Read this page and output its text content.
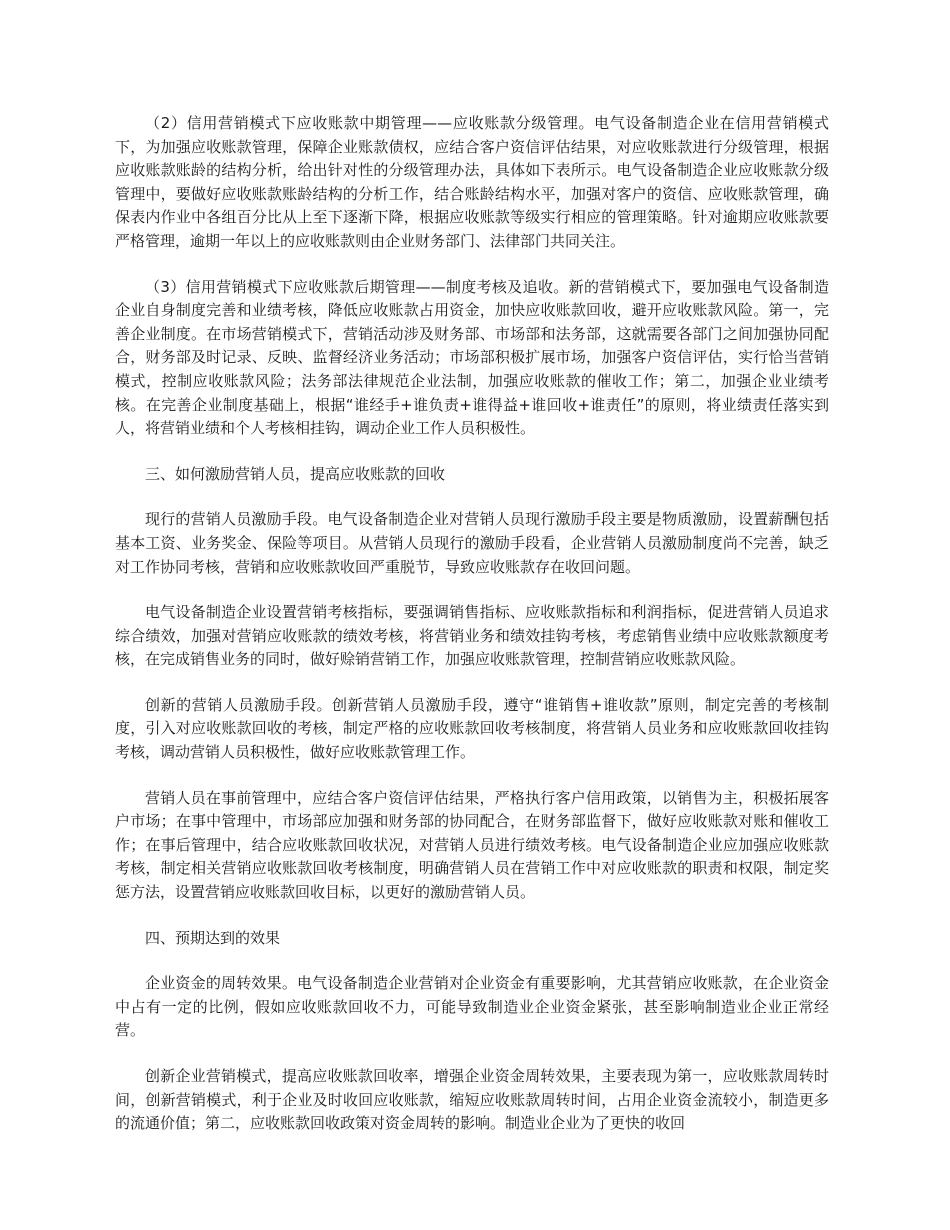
（2）信用营销模式下应收账款中期管理——应收账款分级管理。电气设备制造企业在信用营销模式下，为加强应收账款管理，保障企业账款债权，应结合客户资信评估结果，对应收账款进行分级管理，根据应收账款账龄的结构分析，给出针对性的分级管理办法，具体如下表所示。电气设备制造企业应收账款分级管理中，要做好应收账款账龄结构的分析工作，结合账龄结构水平，加强对客户的资信、应收账款管理，确保表内作业中各组百分比从上至下逐渐下降，根据应收账款等级实行相应的管理策略。针对逾期应收账款要严格管理，逾期一年以上的应收账款则由企业财务部门、法律部门共同关注。

（3）信用营销模式下应收账款后期管理——制度考核及追收。新的营销模式下，要加强电气设备制造企业自身制度完善和业绩考核，降低应收账款占用资金，加快应收账款回收，避开应收账款风险。第一，完善企业制度。在市场营销模式下，营销活动涉及财务部、市场部和法务部，这就需要各部门之间加强协同配合，财务部及时记录、反映、监督经济业务活动；市场部积极扩展市场，加强客户资信评估，实行恰当营销模式，控制应收账款风险；法务部法律规范企业法制，加强应收账款的催收工作；第二，加强企业业绩考核。在完善企业制度基础上，根据“谁经手+谁负责+谁得益+谁回收+谁责任”的原则，将业绩责任落实到人，将营销业绩和个人考核相挂钩，调动企业工作人员积极性。

三、如何激励营销人员，提高应收账款的回收

现行的营销人员激励手段。电气设备制造企业对营销人员现行激励手段主要是物质激励，设置薪酬包括基本工资、业务奖金、保险等项目。从营销人员现行的激励手段看，企业营销人员激励制度尚不完善，缺乏对工作协同考核，营销和应收账款收回严重脱节，导致应收账款存在收回问题。

电气设备制造企业设置营销考核指标，要强调销售指标、应收账款指标和利润指标，促进营销人员追求综合绩效，加强对营销应收账款的绩效考核，将营销业务和绩效挂钩考核，考虑销售业绩中应收账款额度考核，在完成销售业务的同时，做好赊销营销工作，加强应收账款管理，控制营销应收账款风险。

创新的营销人员激励手段。创新营销人员激励手段，遵守“谁销售+谁收款”原则，制定完善的考核制度，引入对应收账款回收的考核，制定严格的应收账款回收考核制度，将营销人员业务和应收账款回收挂钩考核，调动营销人员积极性，做好应收账款管理工作。

营销人员在事前管理中，应结合客户资信评估结果，严格执行客户信用政策，以销售为主，积极拓展客户市场；在事中管理中，市场部应加强和财务部的协同配合，在财务部监督下，做好应收账款对账和催收工作；在事后管理中，结合应收账款回收状况，对营销人员进行绩效考核。电气设备制造企业应加强应收账款考核，制定相关营销应收账款回收考核制度，明确营销人员在营销工作中对应收账款的职责和权限，制定奖惩方法，设置营销应收账款回收目标，以更好的激励营销人员。

四、预期达到的效果

企业资金的周转效果。电气设备制造企业营销对企业资金有重要影响，尤其营销应收账款，在企业资金中占有一定的比例，假如应收账款回收不力，可能导致制造业企业资金紧张，甚至影响制造业企业正常经营。

创新企业营销模式，提高应收账款回收率，增强企业资金周转效果，主要表现为第一，应收账款周转时间，创新营销模式，利于企业及时收回应收账款，缩短应收账款周转时间，占用企业资金流较小，制造更多的流通价值；第二，应收账款回收政策对资金周转的影响。制造业企业为了更快的收回
